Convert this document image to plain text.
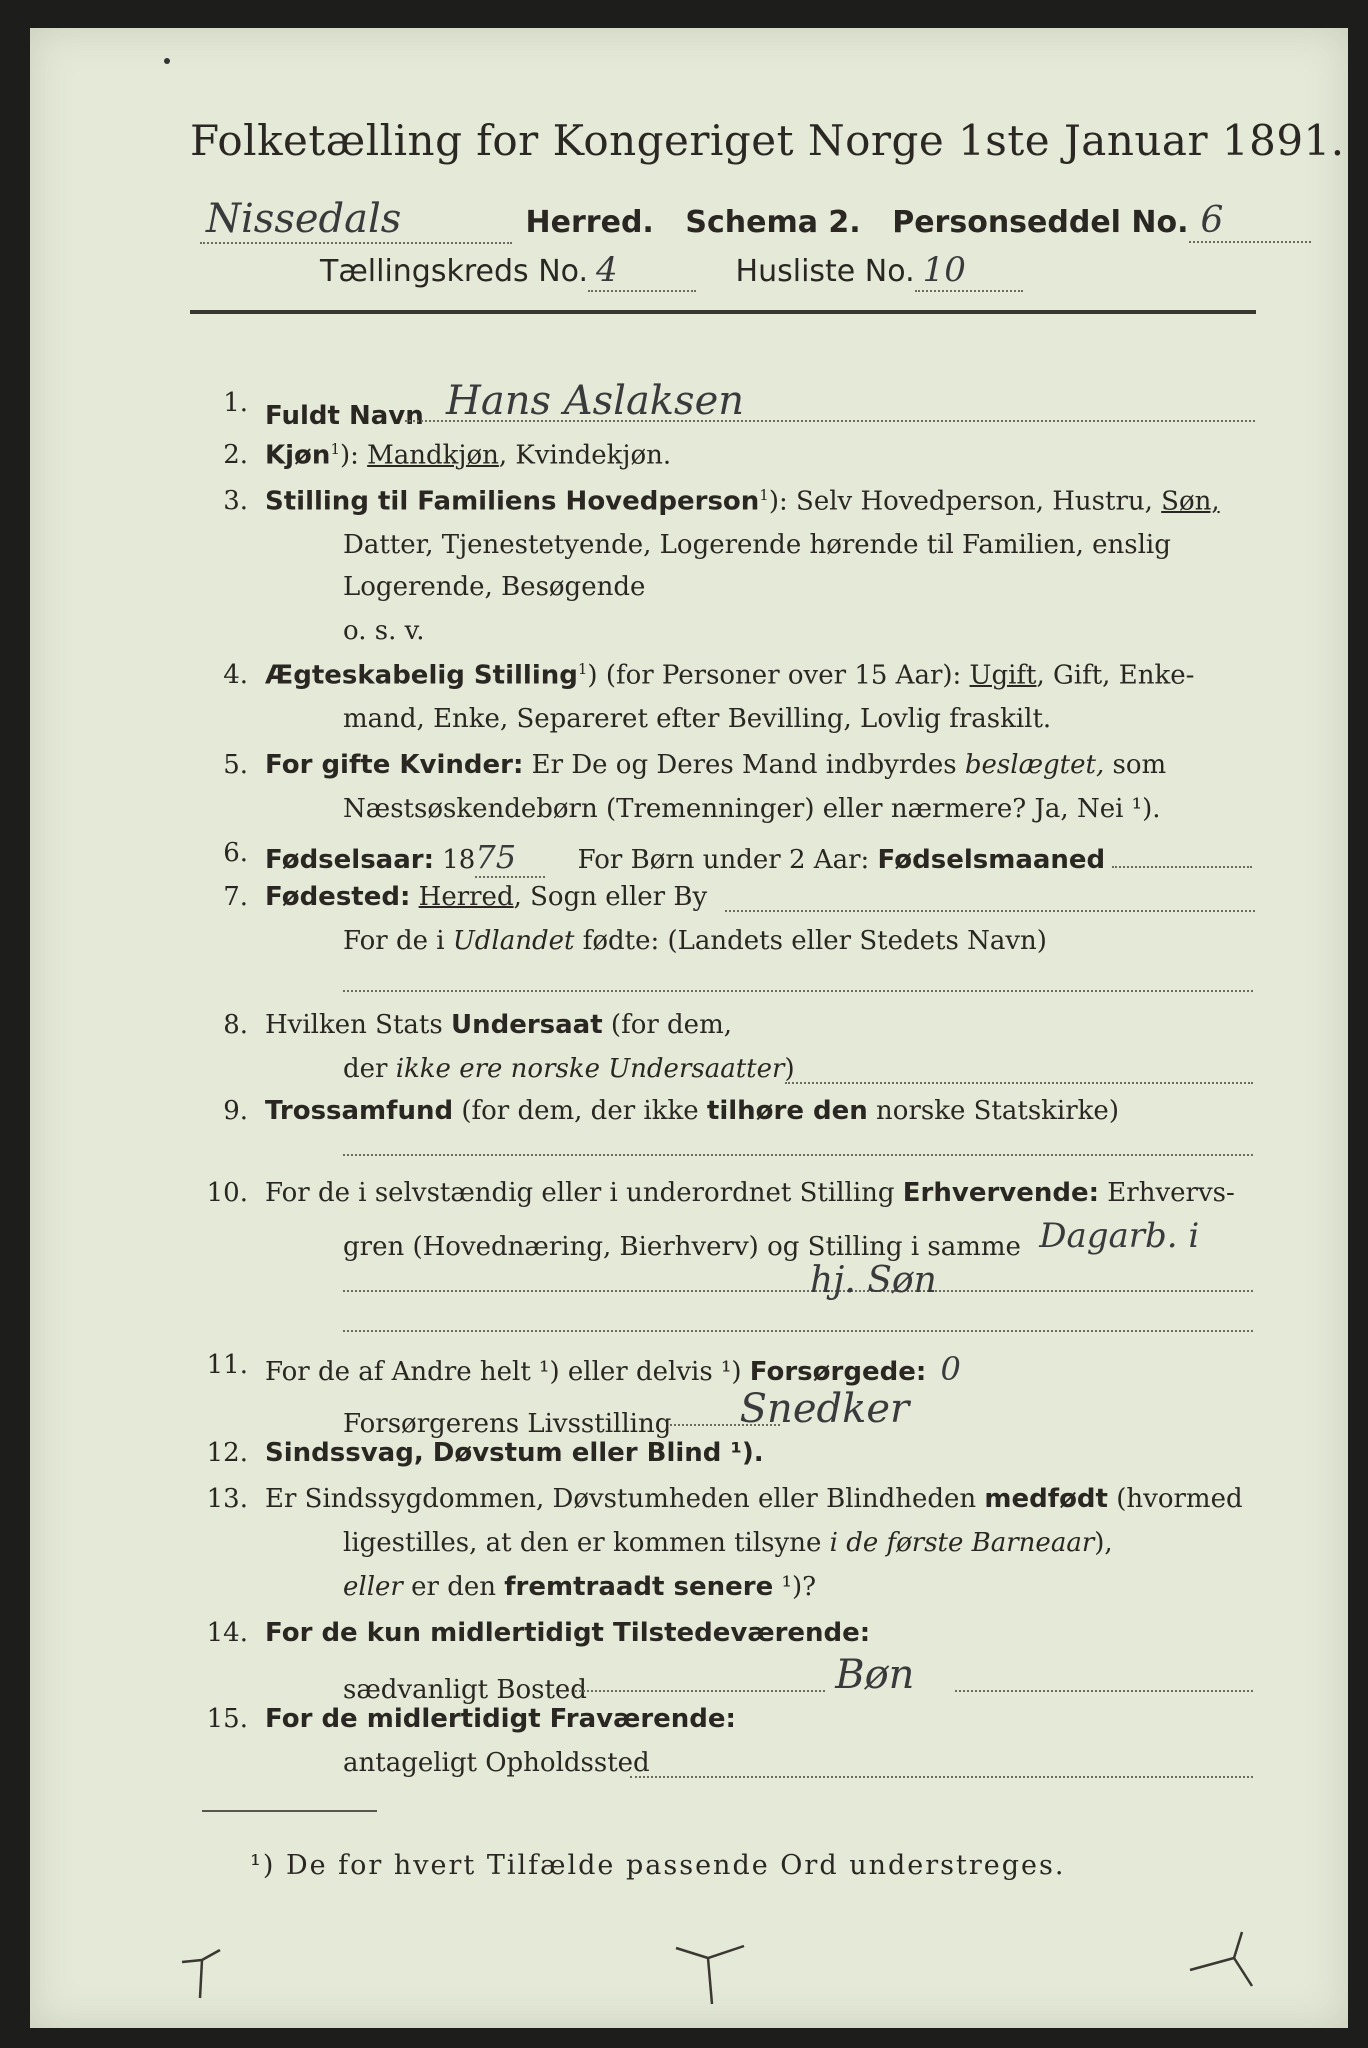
Folketælling for Kongeriget Norge 1ste Januar 1891.
Nissedals	Herred. Schema 2. Personseddel No. 6
Tællingskreds No. 4	Husliste No. 10
1. Fuldt Navn Hans Aslaksen
2. Kjøn$^1$): Mandkjøn, Kvindekjøn.
3. Stilling til Familiens Hovedperson$^1$): Selv Hovedperson, Hustru, Søn,
Datter, Tjenestetyende, Logerende hørende til Familien, enslig
Logerende, Besøgende
o. s. v.
4. Ægteskabelig Stilling$^1$) (for Personer over 15 Aar): Ugift, Gift, Enke-
mand, Enke, Separeret efter Bevilling, Lovlig fraskilt.
5. For gifte Kvinder: Er De og Deres Mand indbyrdes beslægtet, som
Næstsøskendebørn (Tremenninger) eller nærmere? Ja, Nei ¹).
6. Fødselsaar: 1875 For Børn under 2 Aar: Fødselsmaaned
7. Fødested: Herred, Sogn eller By
For de i Udlandet fødte: (Landets eller Stedets Navn)
8. Hvilken Stats Undersaat (for dem,
der ikke ere norske Undersaatter)
9. Trossamfund (for dem, der ikke tilhøre den norske Statskirke)
10. For de i selvstændig eller i underordnet Stilling Erhvervende: Erhvervs-
gren (Hovednæring, Bierhverv) og Stilling i samme Dagarb. i
hj. Søn
11. For de af Andre helt ¹) eller delvis ¹) Forsørgede: 0
Forsørgerens Livsstilling Snedker
12. Sindssvag, Døvstum eller Blind ¹).
13. Er Sindssygdommen, Døvstumheden eller Blindheden medfødt (hvormed
ligestilles, at den er kommen tilsyne i de første Barneaar),
eller er den fremtraadt senere ¹)?
14. For de kun midlertidigt Tilstedeværende:
sædvanligt Bosted	Bøn
15. For de midlertidigt Fraværende:
antageligt Opholdssted
¹) De for hvert Tilfælde passende Ord understreges.
